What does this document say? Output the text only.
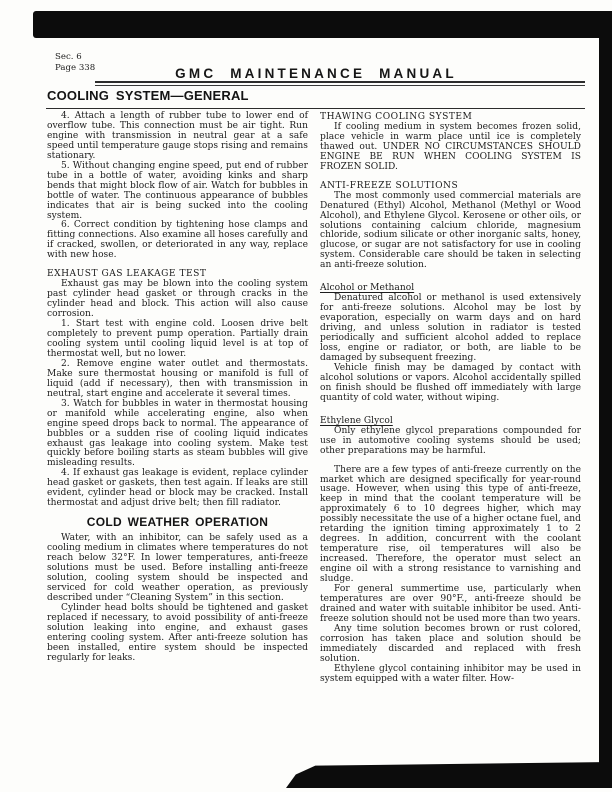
Sec. 6
Page 338	GMC MAINTENANCE MANUAL
COOLING SYSTEM—GENERAL

4. Attach a length of rubber tube to lower end of overflow tube. This connection must be air tight. Run engine with transmission in neutral gear at a safe speed until temperature gauge stops rising and remains stationary.

5. Without changing engine speed, put end of rubber tube in a bottle of water, avoiding kinks and sharp bends that might block flow of air. Watch for bubbles in bottle of water. The continuous appearance of bubbles indicates that air is being sucked into the cooling system.

6. Correct condition by tightening hose clamps and fitting connections. Also examine all hoses carefully and if cracked, swollen, or deteriorated in any way, replace with new hose.

EXHAUST GAS LEAKAGE TEST

Exhaust gas may be blown into the cooling system past cylinder head gasket or through cracks in the cylinder head and block. This action will also cause corrosion.

1. Start test with engine cold. Loosen drive belt completely to prevent pump operation. Partially drain cooling system until cooling liquid level is at top of thermostat well, but no lower.

2. Remove engine water outlet and thermostats. Make sure thermostat housing or manifold is full of liquid (add if necessary), then with transmission in neutral, start engine and accelerate it several times.

3. Watch for bubbles in water in thermostat housing or manifold while accelerating engine, also when engine speed drops back to normal. The appearance of bubbles or a sudden rise of cooling liquid indicates exhaust gas leakage into cooling system. Make test quickly before boiling starts as steam bubbles will give misleading results.

4. If exhaust gas leakage is evident, replace cylinder head gasket or gaskets, then test again. If leaks are still evident, cylinder head or block may be cracked. Install thermostat and adjust drive belt; then fill radiator.

COLD WEATHER OPERATION

Water, with an inhibitor, can be safely used as a cooling medium in climates where temperatures do not reach below 32°F. In lower temperatures, anti-freeze solutions must be used. Before installing anti-freeze solution, cooling system should be inspected and serviced for cold weather operation, as previously described under “Cleaning System” in this section.

Cylinder head bolts should be tightened and gasket replaced if necessary, to avoid possibility of anti-freeze solution leaking into engine, and exhaust gases entering cooling system. After anti-freeze solution has been installed, entire system should be inspected regularly for leaks.

THAWING COOLING SYSTEM

If cooling medium in system becomes frozen solid, place vehicle in warm place until ice is completely thawed out. UNDER NO CIRCUMSTANCES SHOULD ENGINE BE RUN WHEN COOLING SYSTEM IS FROZEN SOLID.

ANTI-FREEZE SOLUTIONS

The most commonly used commercial materials are Denatured (Ethyl) Alcohol, Methanol (Methyl or Wood Alcohol), and Ethylene Glycol. Kerosene or other oils, or solutions containing calcium chloride, magnesium chloride, sodium silicate or other inorganic salts, honey, glucose, or sugar are not satisfactory for use in cooling system. Considerable care should be taken in selecting an anti-freeze solution.

Alcohol or Methanol

Denatured alcohol or methanol is used extensively for anti-freeze solutions. Alcohol may be lost by evaporation, especially on warm days and on hard driving, and unless solution in radiator is tested periodically and sufficient alcohol added to replace loss, engine or radiator, or both, are liable to be damaged by subsequent freezing.

Vehicle finish may be damaged by contact with alcohol solutions or vapors. Alcohol accidentally spilled on finish should be flushed off immediately with large quantity of cold water, without wiping.

Ethylene Glycol

Only ethylene glycol preparations compounded for use in automotive cooling systems should be used; other preparations may be harmful.

There are a few types of anti-freeze currently on the market which are designed specifically for year-round usage. However, when using this type of anti-freeze, keep in mind that the coolant temperature will be approximately 6 to 10 degrees higher, which may possibly necessitate the use of a higher octane fuel, and retarding the ignition timing approximately 1 to 2 degrees. In addition, concurrent with the coolant temperature rise, oil temperatures will also be increased. Therefore, the operator must select an engine oil with a strong resistance to varnishing and sludge.

For general summertime use, particularly when temperatures are over 90°F., anti-freeze should be drained and water with suitable inhibitor be used. Anti-freeze solution should not be used more than two years.

Any time solution becomes brown or rust colored, corrosion has taken place and solution should be immediately discarded and replaced with fresh solution.

Ethylene glycol containing inhibitor may be used in system equipped with a water filter. How-
